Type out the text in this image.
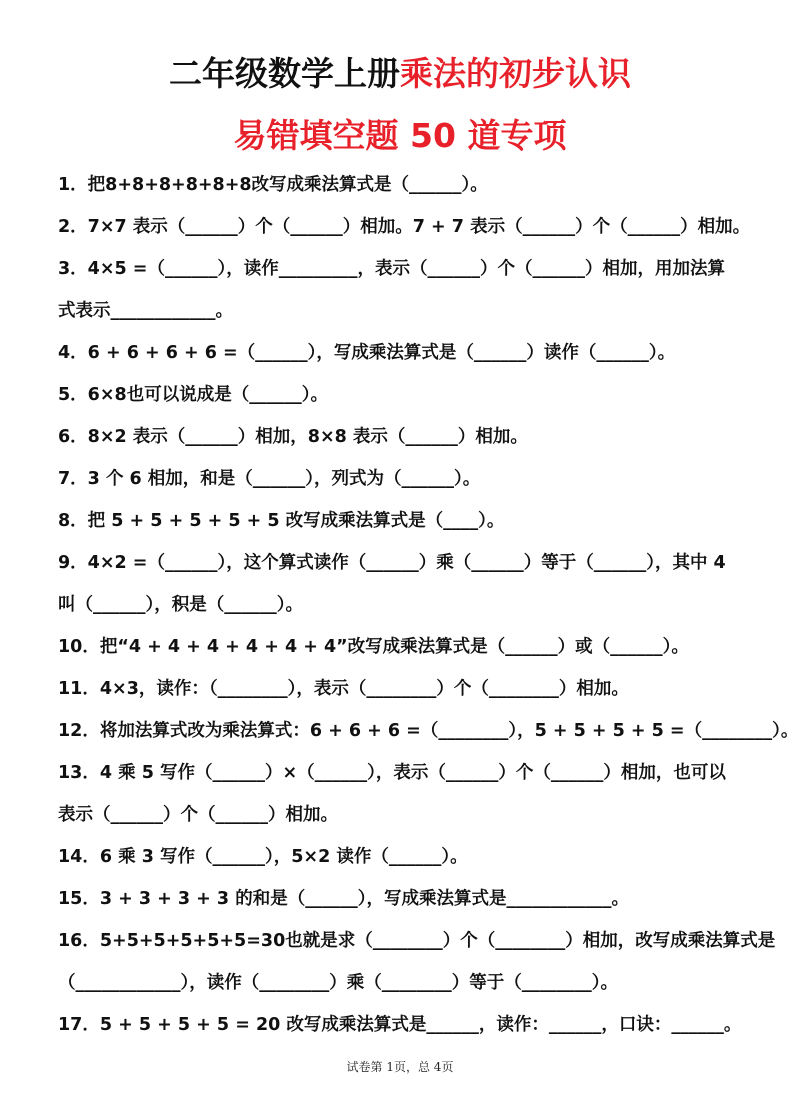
二年级数学上册乘法的初步认识
易错填空题 50 道专项
1．把8+8+8+8+8+8改写成乘法算式是（______）。
2．7×7 表示（______）个（______）相加。7 + 7 表示（______）个（______）相加。
3．4×5 =（______），读作_________，表示（______）个（______）相加，用加法算
式表示____________。
4．6 + 6 + 6 + 6 =（______），写成乘法算式是（______）读作（______）。
5．6×8也可以说成是（______）。
6．8×2 表示（______）相加，8×8 表示（______）相加。
7．3 个 6 相加，和是（______），列式为（______）。
8．把 5 + 5 + 5 + 5 + 5 改写成乘法算式是（____）。
9．4×2 =（______），这个算式读作（______）乘（______）等于（______），其中 4
叫（______），积是（______）。
10．把“4 + 4 + 4 + 4 + 4 + 4”改写成乘法算式是（______）或（______）。
11．4×3，读作：（________），表示（________）个（________）相加。
12．将加法算式改为乘法算式：6 + 6 + 6 =（________），5 + 5 + 5 + 5 =（________）。
13．4 乘 5 写作（______）×（______），表示（______）个（______）相加，也可以
表示（______）个（______）相加。
14．6 乘 3 写作（______），5×2 读作（______）。
15．3 + 3 + 3 + 3 的和是（______），写成乘法算式是____________。
16．5+5+5+5+5+5=30也就是求（________）个（________）相加，改写成乘法算式是
（____________），读作（________）乘（________）等于（________）。
17．5 + 5 + 5 + 5 = 20 改写成乘法算式是______，读作：______，口诀：______。
试卷第 1页，总 4页
